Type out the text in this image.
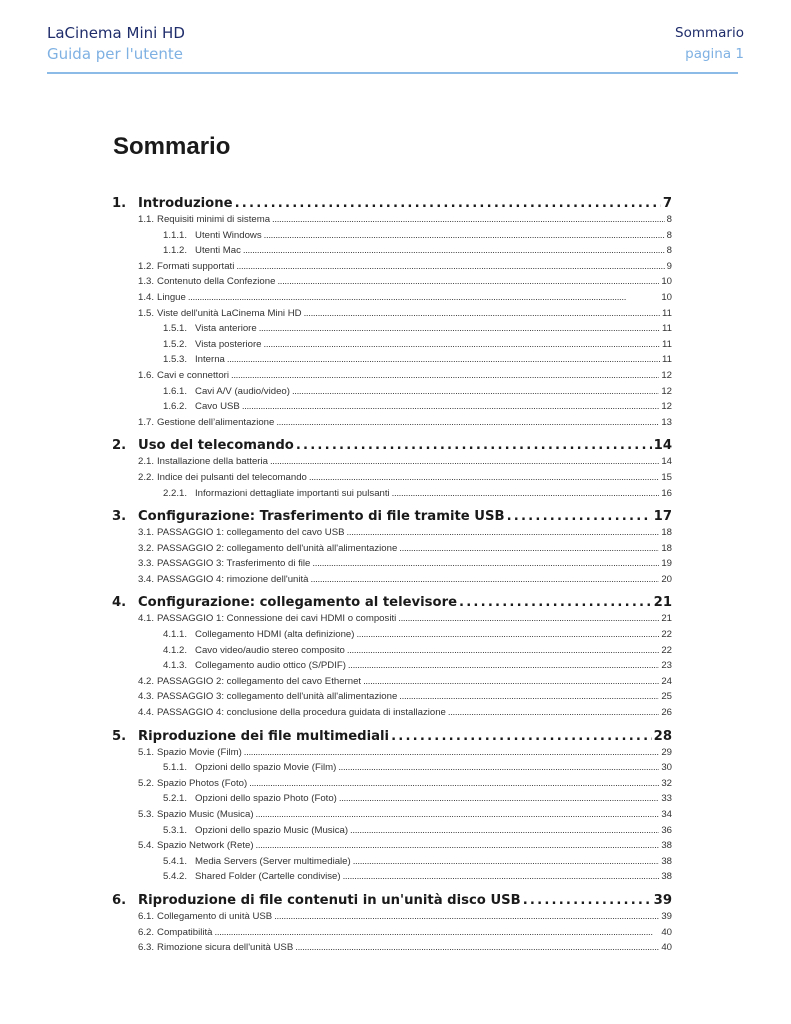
LaCinema Mini HD
Guida per l'utente
Sommario
pagina 1
Sommario
1. Introduzione . . .	7
1.1. Requisiti minimi di sistema . . .	8
1.1.1. Utenti Windows . . .	8
1.1.2. Utenti Mac . . .	8
1.2. Formati supportati . . .	9
1.3. Contenuto della Confezione . . .	10
1.4. Lingue . . .	10
1.5. Viste dell'unità LaCinema Mini HD . . .	11
1.5.1. Vista anteriore . . .	11
1.5.2. Vista posteriore . . .	11
1.5.3. Interna . . .	11
1.6. Cavi e connettori . . .	12
1.6.1. Cavi A/V (audio/video) . . .	12
1.6.2. Cavo USB . . .	12
1.7. Gestione dell’alimentazione . . .	13
2. Uso del telecomando . . .	14
2.1. Installazione della batteria . . .	14
2.2. Indice dei pulsanti del telecomando . . .	15
2.2.1. Informazioni dettagliate importanti sui pulsanti . . .	16
3. Configurazione: Trasferimento di file tramite USB . . .	17
3.1. PASSAGGIO 1: collegamento del cavo USB . . .	18
3.2. PASSAGGIO 2: collegamento dell'unità all'alimentazione . . .	18
3.3. PASSAGGIO 3: Trasferimento di file . . .	19
3.4. PASSAGGIO 4: rimozione dell'unità . . .	20
4. Configurazione: collegamento al televisore . . .	21
4.1. PASSAGGIO 1: Connessione dei cavi HDMI o compositi . . .	21
4.1.1. Collegamento HDMI (alta definizione) . . .	22
4.1.2. Cavo video/audio stereo composito . . .	22
4.1.3. Collegamento audio ottico (S/PDIF) . . .	23
4.2. PASSAGGIO 2: collegamento del cavo Ethernet . . .	24
4.3. PASSAGGIO 3: collegamento dell'unità all'alimentazione . . .	25
4.4. PASSAGGIO 4: conclusione della procedura guidata di installazione . . .	26
5. Riproduzione dei file multimediali . . .	28
5.1. Spazio Movie (Film) . . .	29
5.1.1. Opzioni dello spazio Movie (Film) . . .	30
5.2. Spazio Photos (Foto) . . .	32
5.2.1. Opzioni dello spazio Photo (Foto) . . .	33
5.3. Spazio Music (Musica) . . .	34
5.3.1. Opzioni dello spazio Music (Musica) . . .	36
5.4. Spazio Network (Rete) . . .	38
5.4.1. Media Servers (Server multimediale) . . .	38
5.4.2. Shared Folder (Cartelle condivise) . . .	38
6. Riproduzione di file contenuti in un'unità disco USB . . .	39
6.1. Collegamento di unità USB . . .	39
6.2. Compatibilità . . .	40
6.3. Rimozione sicura dell'unità USB . . .	40
